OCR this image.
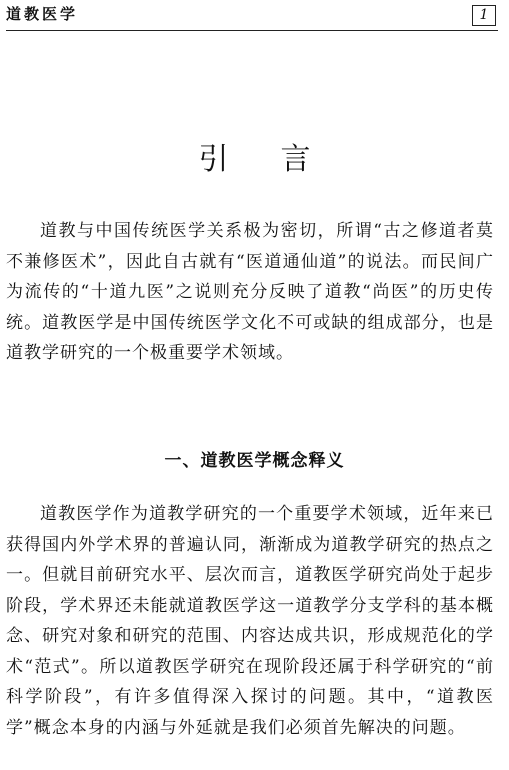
道教医学	1
引言

道教与中国传统医学关系极为密切，所谓“古之修道者莫不兼修医术”，因此自古就有“医道通仙道”的说法。而民间广为流传的“十道九医”之说则充分反映了道教“尚医”的历史传统。道教医学是中国传统医学文化不可或缺的组成部分，也是道教学研究的一个极重要学术领域。

一、道教医学概念释义

道教医学作为道教学研究的一个重要学术领域，近年来已获得国内外学术界的普遍认同，渐渐成为道教学研究的热点之一。但就目前研究水平、层次而言，道教医学研究尚处于起步阶段，学术界还未能就道教医学这一道教学分支学科的基本概念、研究对象和研究的范围、内容达成共识，形成规范化的学术“范式”。所以道教医学研究在现阶段还属于科学研究的“前科学阶段”，有许多值得深入探讨的问题。其中，“道教医学”概念本身的内涵与外延就是我们必须首先解决的问题。
